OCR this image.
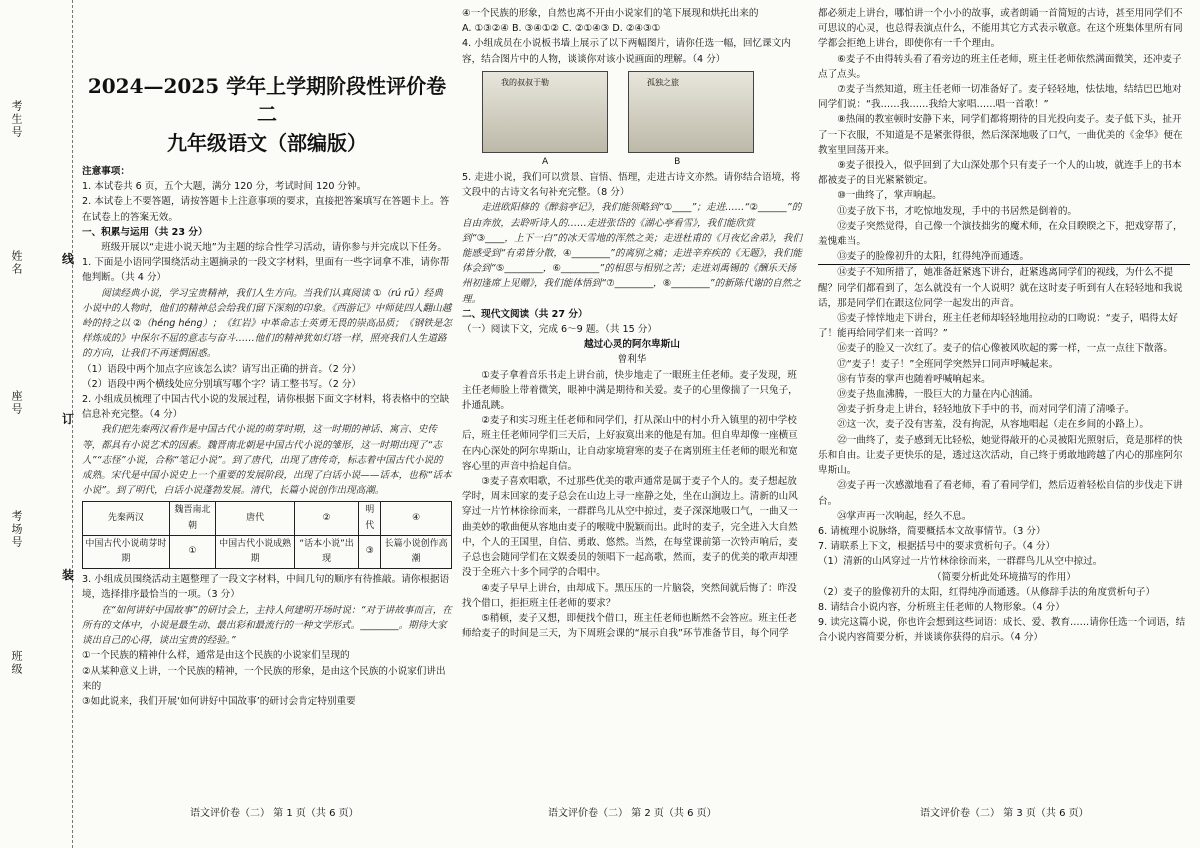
考生号
姓名
座号
考场号
班级
线
订
装
2024—2025 学年上学期阶段性评价卷二
九年级语文（部编版）

注意事项：

1. 本试卷共 6 页，五个大题，满分 120 分，考试时间 120 分钟。

2. 本试卷上不要答题，请按答题卡上注意事项的要求，直接把答案填写在答题卡上。答在试卷上的答案无效。

一、积累与运用（共 23 分）

班级开展以“走进小说天地”为主题的综合性学习活动，请你参与并完成以下任务。

1. 下面是小语同学围绕活动主题摘录的一段文字材料，里面有一些字词拿不准，请你帮他判断。（共 4 分）

阅读经典小说，学习宝贵精神，我们人生方向。当我们认真阅读 ①（rú rǔ）经典小说中的人物时，他们的精神总会给我们留下深刻的印象。《西游记》中师徒四人翻山越岭的持之以 ②（héng héng）；《红岩》中革命志士英勇无畏的崇高品质；《钢铁是怎样炼成的》中保尔不屈的意志与奋斗……他们的精神犹如灯塔一样，照亮我们人生道路的方向，让我们不再迷惘困惑。

（1）语段中两个加点字应该怎么读？请写出正确的拼音。（2 分）

（2）语段中两个横线处应分别填写哪个字？请工整书写。（2 分）

2. 小组成员梳理了中国古代小说的发展过程，请你根据下面文字材料，将表格中的空缺信息补充完整。（4 分）

我们把先秦两汉看作是中国古代小说的萌芽时期，这一时期的神话、寓言、史传等，都具有小说艺术的因素。魏晋南北朝是中国古代小说的雏形，这一时期出现了“志人”“志怪”小说，合称“笔记小说”。到了唐代，出现了唐传奇，标志着中国古代小说的成熟。宋代是中国小说史上一个重要的发展阶段，出现了白话小说——话本，也称“话本小说”。到了明代，白话小说蓬勃发展。清代，长篇小说创作出现高潮。

先秦两汉	魏晋南北朝	唐代	②	明代	④
中国古代小说萌芽时期	①	中国古代小说成熟期	“话本小说”出现	③	长篇小说创作高潮

3. 小组成员围绕活动主题整理了一段文字材料，中间几句的顺序有待推敲。请你根据语境，选择排序最恰当的一项。（3 分）

在“如何讲好中国故事”的研讨会上，主持人何建明开场时说：“对于讲故事而言，在所有的文体中，小说是最生动、最出彩和最流行的一种文学形式。________。期待大家谈出自己的心得，谈出宝贵的经验。”

①一个民族的精神什么样，通常是由这个民族的小说家们呈现的

②从某种意义上讲，一个民族的精神，一个民族的形象，是由这个民族的小说家们讲出来的

③如此说来，我们开展‘如何讲好中国故事’的研讨会肯定特别重要

语文评价卷（二） 第 1 页（共 6 页）

④一个民族的形象，自然也离不开由小说家们的笔下展现和烘托出来的

A. ①③②④ B. ③④①② C. ②①④③ D. ②④③①

4. 小组成员在小说板书墙上展示了以下两幅图片，请你任选一幅，回忆课文内容，结合图片中的人物，谈谈你对该小说画面的理解。（4 分）

我的叔叔于勒	孤独之旅
A	B

5. 走进小说，我们可以赏景、盲悟、悟理，走进古诗文亦然。请你结合语境，将文段中的古诗文名句补充完整。（8 分）

走进欧阳修的《醉翁亭记》，我们能领略到“①____”；走进……“②______”的自由奔放，去聆听诗人的……走进张岱的《湖心亭看雪》，我们能欣赏到“③____，上下一白”的冰天雪地的浑然之美；走进杜甫的《月夜忆舍弟》，我们能感受到“有弟皆分散，④________”的离别之痛；走进辛弃疾的《无题》，我们能体会到“⑤________，⑥________”的相思与相别之苦；走进刘禹锡的《酬乐天扬州初逢席上见赠》，我们能体悟到“⑦________，⑧________”的新陈代谢的自然之理。

二、现代文阅读（共 27 分）

（一）阅读下文，完成 6～9 题。（共 15 分）

越过心灵的阿尔卑斯山

曾利华

①麦子拿着音乐书走上讲台前，快步地走了一眼班主任老师。麦子发现，班主任老师脸上带着微笑，眼神中满是期待和关爱。麦子的心里像揣了一只兔子，扑通乱跳。

②麦子和实习班主任老师和同学们，打从深山中的村小升入镇里的初中学校后，班主任老师同学们三天后，上好寂寞出来的他是有加。但自卑却像一座横亘在内心深处的阿尔卑斯山，让自动家境窘寒的麦子在离别班主任老师的眼光和宽容心里的声音中拾起自信。

③麦子喜欢唱歌，不过那些优美的歌声通常是属于麦子个人的。麦子想起放学时，周末回家的麦子总会在山边上寻一座静之处，坐在山涧边上。清新的山风穿过一片竹林徐徐而来，一群群鸟儿从空中掠过，麦子深深地吸口气，一曲又一曲美妙的歌曲便从容地由麦子的喉咙中脱颖而出。此时的麦子，完全进入大自然中，个人的王国里，自信、勇敢、悠然。当然，在每堂课前第一次铃声响后，麦子总也会随同学们在文娱委员的领唱下一起高歌，然而，麦子的优美的歌声却湮没于全班六十多个同学的合唱中。

④麦子早早上讲台，由却成下。黑压压的一片脑袋，突然间就后悔了：昨没找个借口，拒拒班主任老师的要求？

⑤稍顿，麦子又想，即便找个借口，班主任老师也断然不会答应。班主任老师给麦子的时间是三天，为下周班会课的“展示自我”环节准备节目，每个同学

语文评价卷（二） 第 2 页（共 6 页）

都必须走上讲台，哪怕讲一个小小的故事，或者朗诵一首简短的古诗，甚至用同学们不可思议的心灵，也总得表演点什么，不能用其它方式表示敬意。在这个班集体里所有同学都会拒绝上讲台，即使你有一千个理由。

⑥麦子不由得转头看了看旁边的班主任老师，班主任老师依然满面微笑，还冲麦子点了点头。

⑦麦子当然知道，班主任老师一切准备好了。麦子轻轻地，怯怯地，结结巴巴地对同学们说：“我……我……我给大家唱……唱一首歌！”

⑧热闹的教室顿时安静下来，同学们都将期待的目光投向麦子。麦子低下头，扯开了一下衣服，不知道是不是紧张得很，然后深深地吸了口气，一曲优美的《金华》便在教室里回荡开来。

⑨麦子很投入，似乎回到了大山深处那个只有麦子一个人的山坡，就连手上的书本都被麦子的目光紧紧锁定。

⑩一曲终了，掌声响起。

⑪麦子放下书，才吃惊地发现，手中的书居然是倒着的。

⑫麦子突然觉得，自己像一个演技拙劣的魔术师，在众目睽睽之下，把戏穿帮了，羞愧难当。

⑬麦子的脸像初升的太阳，红得纯净而通透。

⑭麦子不知所措了，她准备赶紧逃下讲台，赶紧逃离同学们的视线，为什么不提醒？同学们都看到了，怎么就没有一个人说明？就在这时麦子听到有人在轻轻地和我说话，那是同学们在跟这位同学一起发出的声音。

⑮麦子悻悻地走下讲台，班主任老师却轻轻地用拉动的口吻说：“麦子，唱得太好了！能再给同学们来一首吗？”

⑯麦子的脸又一次红了。麦子的信心像被风吹起的雾一样，一点一点往下散落。

⑰“麦子！麦子！”全班同学突然异口同声呼喊起来。

⑱有节奏的掌声也随着呼喊响起来。

⑲麦子热血沸腾，一股巨大的力量在内心汹涌。

⑳麦子折身走上讲台，轻轻地放下手中的书，而对同学们清了清嗓子。

㉑这一次，麦子没有害羞，没有拘泥，从容地唱起（走在乡间的小路上）。

㉒一曲终了，麦子感到无比轻松，她觉得敲开的心灵被阳光照射后，竟是那样的快乐和自由。让麦子更快乐的是，透过这次活动，自己终于勇敢地跨越了内心的那座阿尔卑斯山。

㉓麦子再一次感激地看了看老师，看了看同学们，然后迈着轻松自信的步伐走下讲台。

㉔掌声再一次响起，经久不息。

6. 请梳理小说脉络，简要概括本文故事情节。（3 分）

7. 请联系上下文，根据括号中的要求赏析句子。（4 分）

（1）清新的山风穿过一片竹林徐徐而来，一群群鸟儿从空中掠过。

（简要分析此处环境描写的作用）

（2）麦子的脸像初升的太阳，红得纯净而通透。（从修辞手法的角度赏析句子）

8. 请结合小说内容，分析班主任老师的人物形象。（4 分）

9. 读完这篇小说，你也许会想到这些词语：成长、爱、教育……请你任选一个词语，结合小说内容简要分析，并谈谈你获得的启示。（4 分）

语文评价卷（二） 第 3 页（共 6 页）
